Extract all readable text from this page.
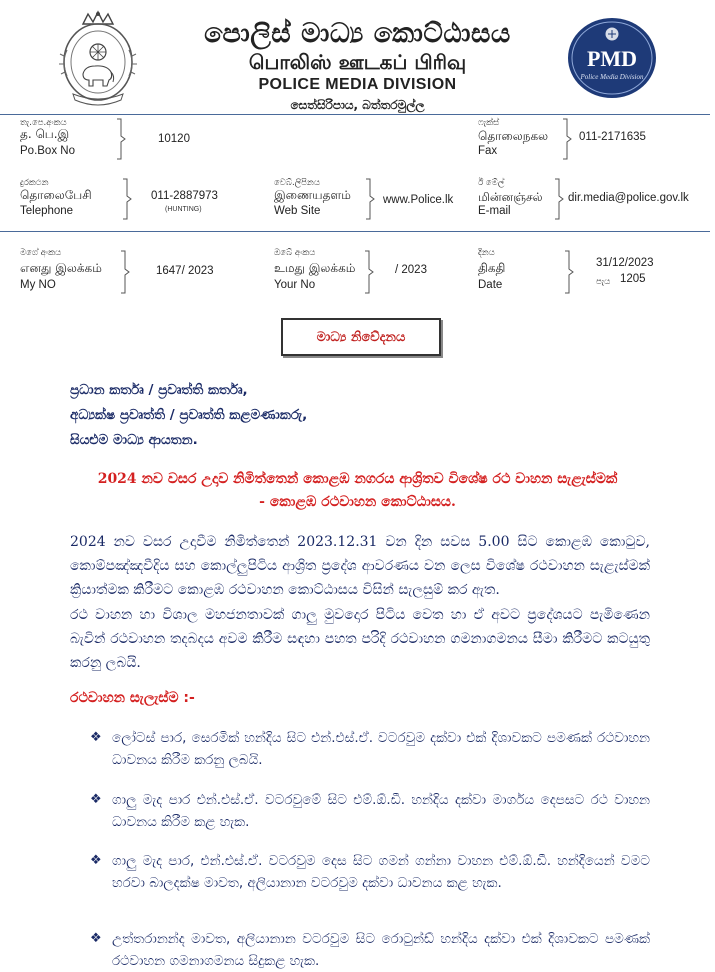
පොලිස් මාධ්‍ය කොට්ඨාසය
பொலிஸ் ஊடகப் பிரிவு
POLICE MEDIA DIVISION
සෙත්සිරිපාය, බත්තරමුල්ල
PMD
Police Media Division
තැ.පෙ.අංකය
த. பெ.இ
Po.Box No
10120
ෆැක්ස්
தொலைநகல
Fax
011-2171635
දුරකථන
தொலைபேசி
Telephone
011-2887973
(HUNTING)
වෙබ්.ලිපිනය
இணையதளம்
Web Site
www.Police.lk
ඊ මේල්
மின்னஞ்சல்
E-mail
dir.media@police.gov.lk
මගේ අංකය
எனது இலக்கம்
My NO
1647/ 2023
ඔබේ අංකය
உமது இலக்கம்
Your No
/ 2023
දිනය
திகதி
Date
31/12/2023
පැය 1205
මාධ්‍ය නිවේදනය
ප්‍රධාන කර්තෘ / ප්‍රවෘත්ති කර්තෘ,
අධ්‍යක්ෂ ප්‍රවෘත්ති / ප්‍රවෘත්ති කළමණාකරු,
සියළුම මාධ්‍ය ආයතන.
2024 නව වසර උදාව නිමිත්තෙන් කොළඹ නගරය ආශ්‍රිතව විශේෂ රථ වාහන සැළැස්මක්
- කොළඹ රථවාහන කොට්ඨාසය.
2024 නව වසර උදාවීම නිමිත්තෙන් 2023.12.31 වන දින සවස 5.00 සිට කොළඹ කොටුව, කොම්පඤ්ඤවීදිය සහ කොල්ලුපිටිය ආශ්‍රිත ප්‍රදේශ ආවරණය වන ලෙස විශේෂ රථවාහන සැළැස්මක් ක්‍රියාත්මක කිරීමට කොළඹ රථවාහන කොට්ඨාසය විසින් සැලසුම් කර ඇත.
රථ වාහන හා විශාල මහජනතාවක් ගාලු මුවදොර පිටිය වෙත හා ඒ අවට ප්‍රදේශයට පැමිණෙන බැවින් රථවාහන තදබදය අවම කිරීම සඳහා පහත පරිදි රථවාහන ගමනාගමනය සීමා කිරීමට කටයුතු කරනු ලබයි.
රථවාහන සැලැස්ම :-
❖ ලෝටස් පාර, සෙරමික් හන්දිය සිට එන්.එස්.ඒ. වටරවුම දක්වා එක් දිශාවකට පමණක් රථවාහන ධාවනය කිරීම කරනු ලබයි.
❖ ගාලු මැද පාර එන්.එස්.ඒ. වටරවුමේ සිට එම්.ඕ.ඩී. හන්දිය දක්වා මාර්ගය දෙපසට රථ වාහන ධාවනය කිරීම කළ හැක.
❖ ගාලු මැද පාර, එන්.එස්.ඒ. වටරවුම දෙස සිට ගමන් ගන්නා වාහන එම්.ඕ.ඩී. හන්දියෙන් වමට හරවා බාලදක්ෂ මාවත, අලියානාන වටරවුම දක්වා ධාවනය කළ හැක.
❖ උත්තරානන්ද මාවත, අලියානාන වටරවුම සිට රොටුන්ඩ් හන්දිය දක්වා එක් දිශාවකට පමණක් රථවාහන ගමනාගමනය සිදුකළ හැක.
